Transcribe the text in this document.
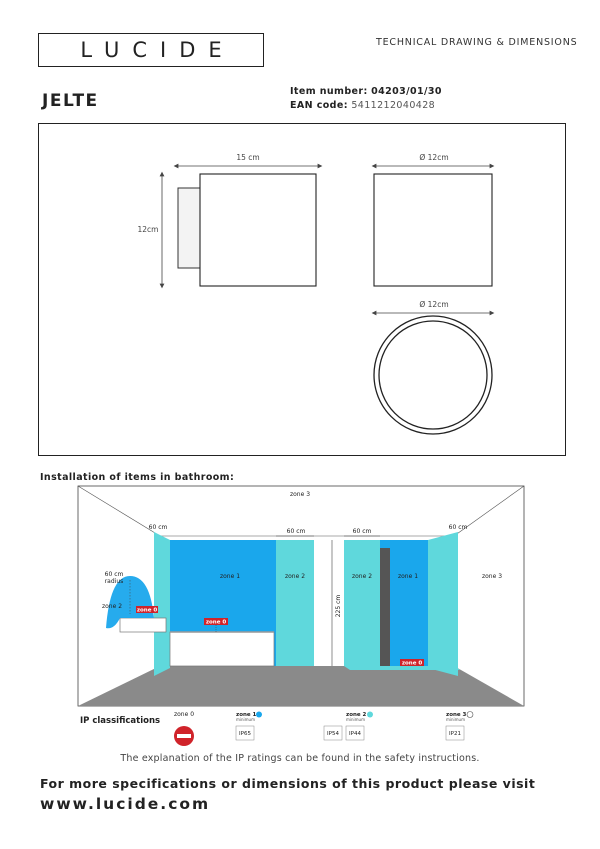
LUCIDE	TECHNICAL DRAWING & DIMENSIONS
JELTE	Item number: 04203/01/30
EAN code: 5411212040428
15 cm
12cm
Ø 12cm
Ø 12cm
Installation of items in bathroom:
225 cm
60 cm	60 cm
60 cm	60 cm
zone 3
zone 3
zone 1	zone 2	zone 2	zone 1
zone 2
60 cm
radius
zone 0
zone 0
zone 0
IP classifications
zone 0	zone 1
minimum
IP65
zone 2
minimum
IP54 IP44
zone 3
minimum
IP21
The explanation of the IP ratings can be found in the safety instructions.
For more specifications or dimensions of this product please visit
www.lucide.com
